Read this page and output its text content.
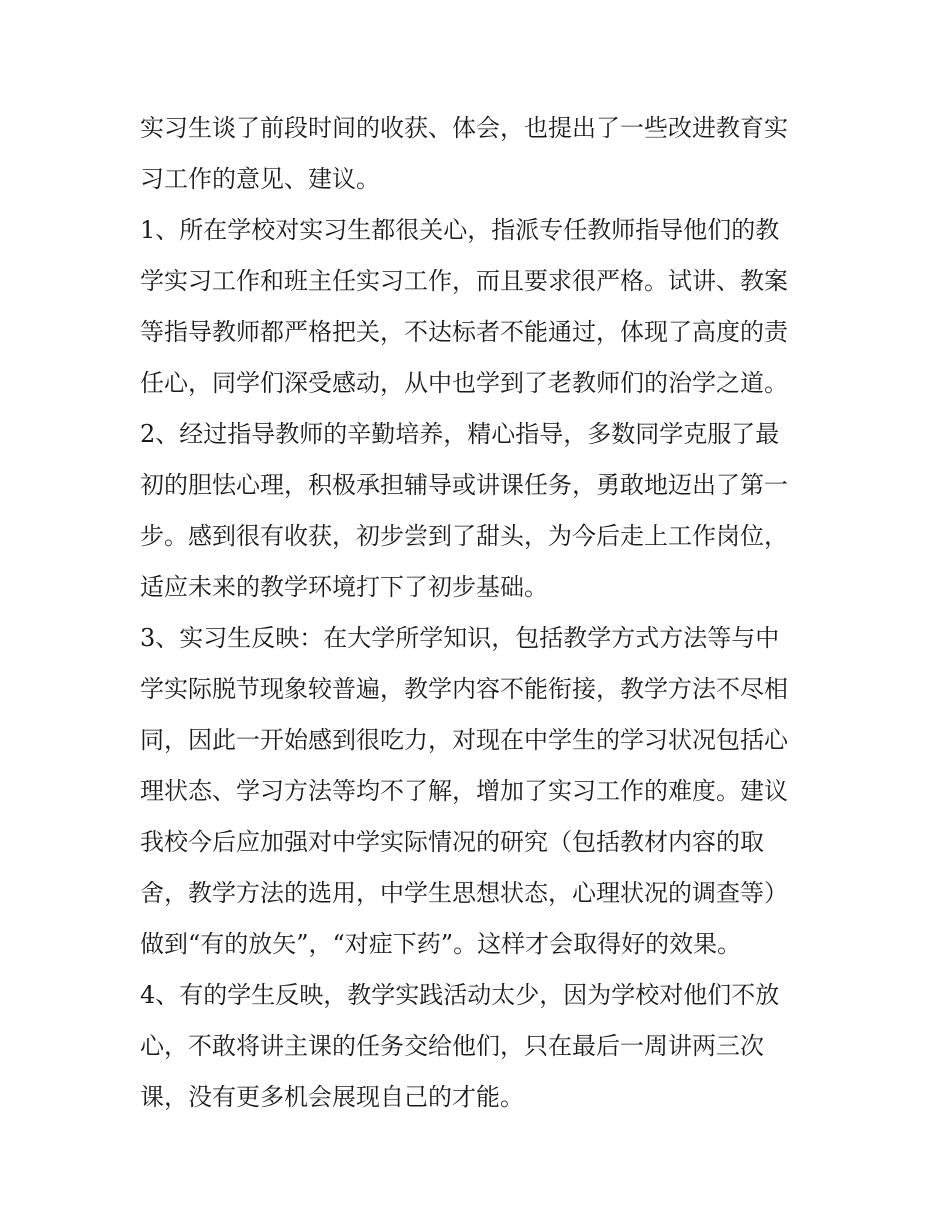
实习生谈了前段时间的收获、体会，也提出了一些改进教育实
习工作的意见、建议。
1、所在学校对实习生都很关心，指派专任教师指导他们的教
学实习工作和班主任实习工作，而且要求很严格。试讲、教案
等指导教师都严格把关，不达标者不能通过，体现了高度的责
任心，同学们深受感动，从中也学到了老教师们的治学之道。
2、经过指导教师的辛勤培养，精心指导，多数同学克服了最
初的胆怯心理，积极承担辅导或讲课任务，勇敢地迈出了第一
步。感到很有收获，初步尝到了甜头，为今后走上工作岗位，
适应未来的教学环境打下了初步基础。
3、实习生反映：在大学所学知识，包括教学方式方法等与中
学实际脱节现象较普遍，教学内容不能衔接，教学方法不尽相
同，因此一开始感到很吃力，对现在中学生的学习状况包括心
理状态、学习方法等均不了解，增加了实习工作的难度。建议
我校今后应加强对中学实际情况的研究（包括教材内容的取
舍，教学方法的选用，中学生思想状态，心理状况的调查等）
做到“有的放矢”，“对症下药”。这样才会取得好的效果。
4、有的学生反映，教学实践活动太少，因为学校对他们不放
心，不敢将讲主课的任务交给他们，只在最后一周讲两三次
课，没有更多机会展现自己的才能。
